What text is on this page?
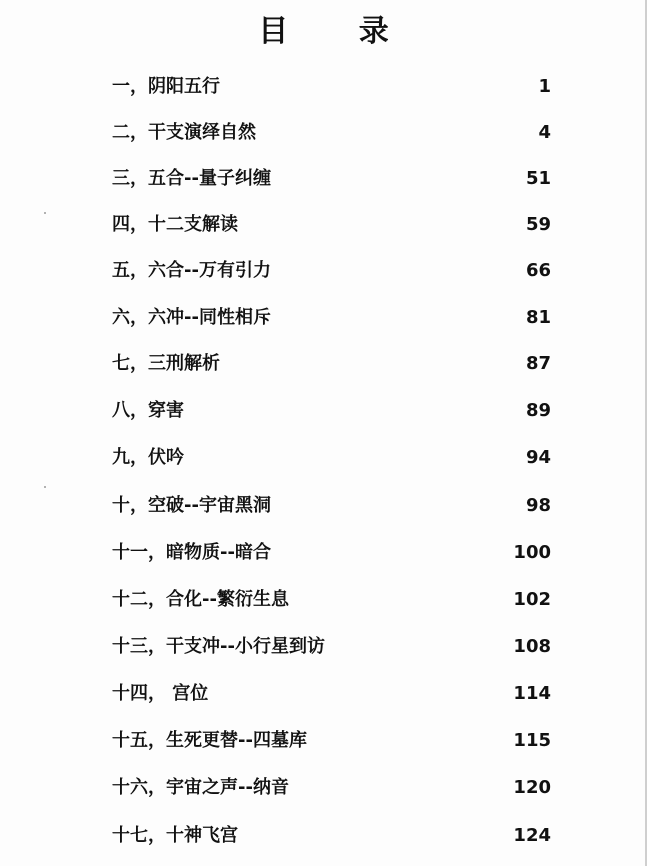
目 录
一，阴阳五行	1
二，干支演绎自然	4
三，五合--量子纠缠	51
四，十二支解读	59
五，六合--万有引力	66
六，六冲--同性相斥	81
七，三刑解析	87
八，穿害	89
九，伏吟	94
十，空破--宇宙黑洞	98
十一，暗物质--暗合	100
十二，合化--繁衍生息	102
十三，干支冲--小行星到访	108
十四， 宫位	114
十五，生死更替--四墓库	115
十六，宇宙之声--纳音	120
十七，十神飞宫	124
